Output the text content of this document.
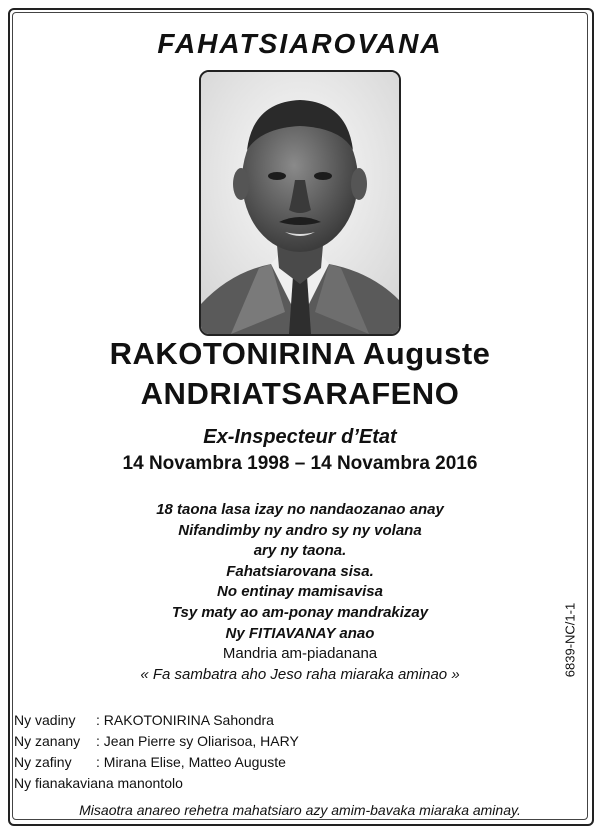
FAHATSIAROVANA
RAKOTONIRINA Auguste
ANDRIATSARAFENO
Ex-Inspecteur d’Etat
14 Novambra 1998 – 14 Novambra 2016
18 taona lasa izay no nandaozanao anay
Nifandimby ny andro sy ny volana
ary ny taona.
Fahatsiarovana sisa.
No entinay mamisavisa
Tsy maty ao am-ponay mandrakizay
Ny FITIAVANAY anao
Mandria am-piadanana
« Fa sambatra aho Jeso raha miaraka aminao »	6839-NC/1-1
Ny vadiny : RAKOTONIRINA Sahondra
Ny zanany : Jean Pierre sy Oliarisoa, HARY
Ny zafiny : Mirana Elise, Matteo Auguste
Ny fianakaviana manontolo
Misaotra anareo rehetra mahatsiaro azy amim-bavaka miaraka aminay.
